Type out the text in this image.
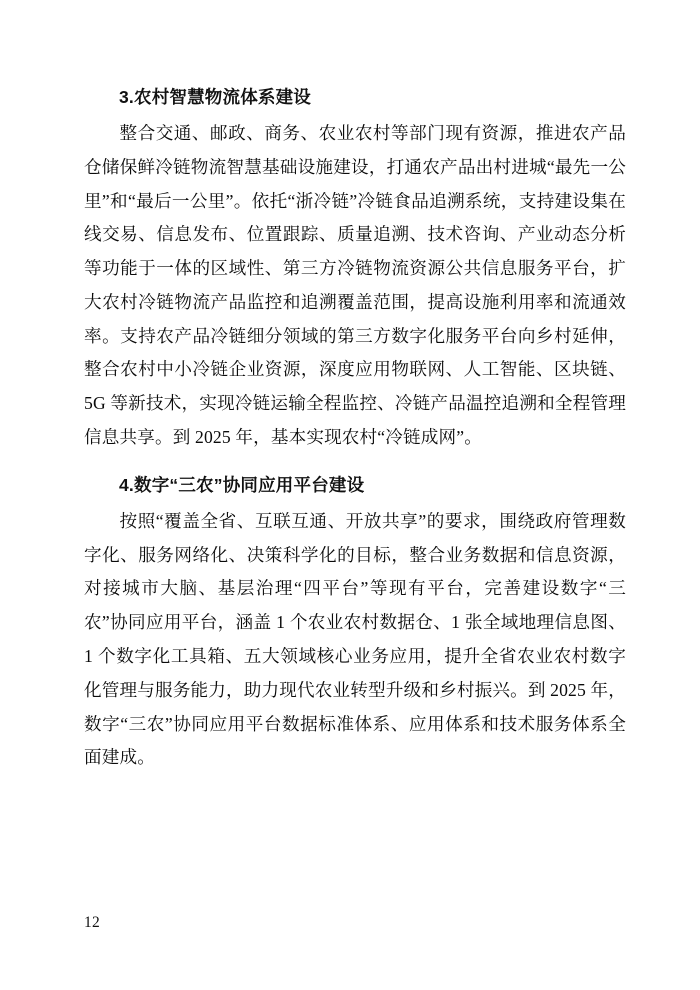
3.农村智慧物流体系建设

整合交通、邮政、商务、农业农村等部门现有资源，推进农产品仓储保鲜冷链物流智慧基础设施建设，打通农产品出村进城“最先一公里”和“最后一公里”。依托“浙冷链”冷链食品追溯系统，支持建设集在线交易、信息发布、位置跟踪、质量追溯、技术咨询、产业动态分析等功能于一体的区域性、第三方冷链物流资源公共信息服务平台，扩大农村冷链物流产品监控和追溯覆盖范围，提高设施利用率和流通效率。支持农产品冷链细分领域的第三方数字化服务平台向乡村延伸，整合农村中小冷链企业资源，深度应用物联网、人工智能、区块链、5G 等新技术，实现冷链运输全程监控、冷链产品温控追溯和全程管理信息共享。到 2025 年，基本实现农村“冷链成网”。

4.数字“三农”协同应用平台建设

按照“覆盖全省、互联互通、开放共享”的要求，围绕政府管理数字化、服务网络化、决策科学化的目标，整合业务数据和信息资源，对接城市大脑、基层治理“四平台”等现有平台，完善建设数字“三农”协同应用平台，涵盖 1 个农业农村数据仓、1 张全域地理信息图、1 个数字化工具箱、五大领域核心业务应用，提升全省农业农村数字化管理与服务能力，助力现代农业转型升级和乡村振兴。到 2025 年，数字“三农”协同应用平台数据标准体系、应用体系和技术服务体系全面建成。

12
